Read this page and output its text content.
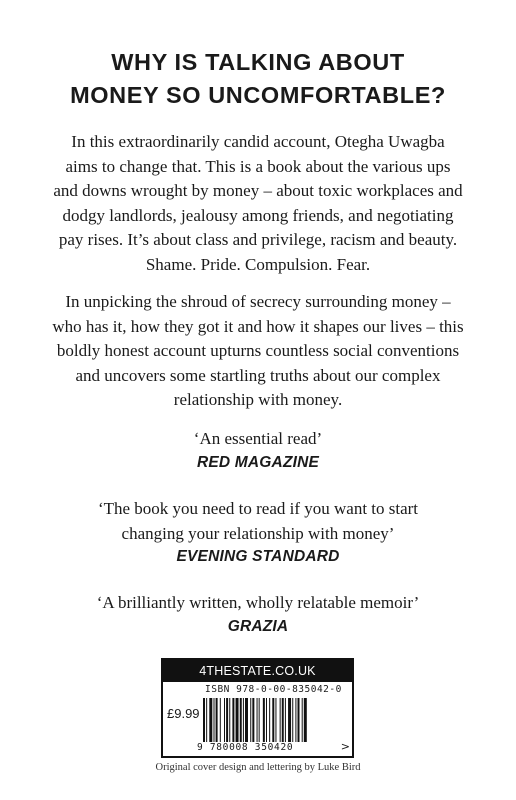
WHY IS TALKING ABOUT
MONEY SO UNCOMFORTABLE?

In this extraordinarily candid account, Otegha Uwagba
aims to change that. This is a book about the various ups
and downs wrought by money – about toxic workplaces and
dodgy landlords, jealousy among friends, and negotiating
pay rises. It’s about class and privilege, racism and beauty.
Shame. Pride. Compulsion. Fear.

In unpicking the shroud of secrecy surrounding money –
who has it, how they got it and how it shapes our lives – this
boldly honest account upturns countless social conventions
and uncovers some startling truths about our complex
relationship with money.

‘An essential read’
RED MAGAZINE
‘The book you need to read if you want to start
changing your relationship with money’
EVENING STANDARD
‘A brilliantly written, wholly relatable memoir’
GRAZIA
4THESTATE.CO.UK
ISBN 978-0-00-835042-0
£9.99
9 780008 350420	>
Original cover design and lettering by Luke Bird
